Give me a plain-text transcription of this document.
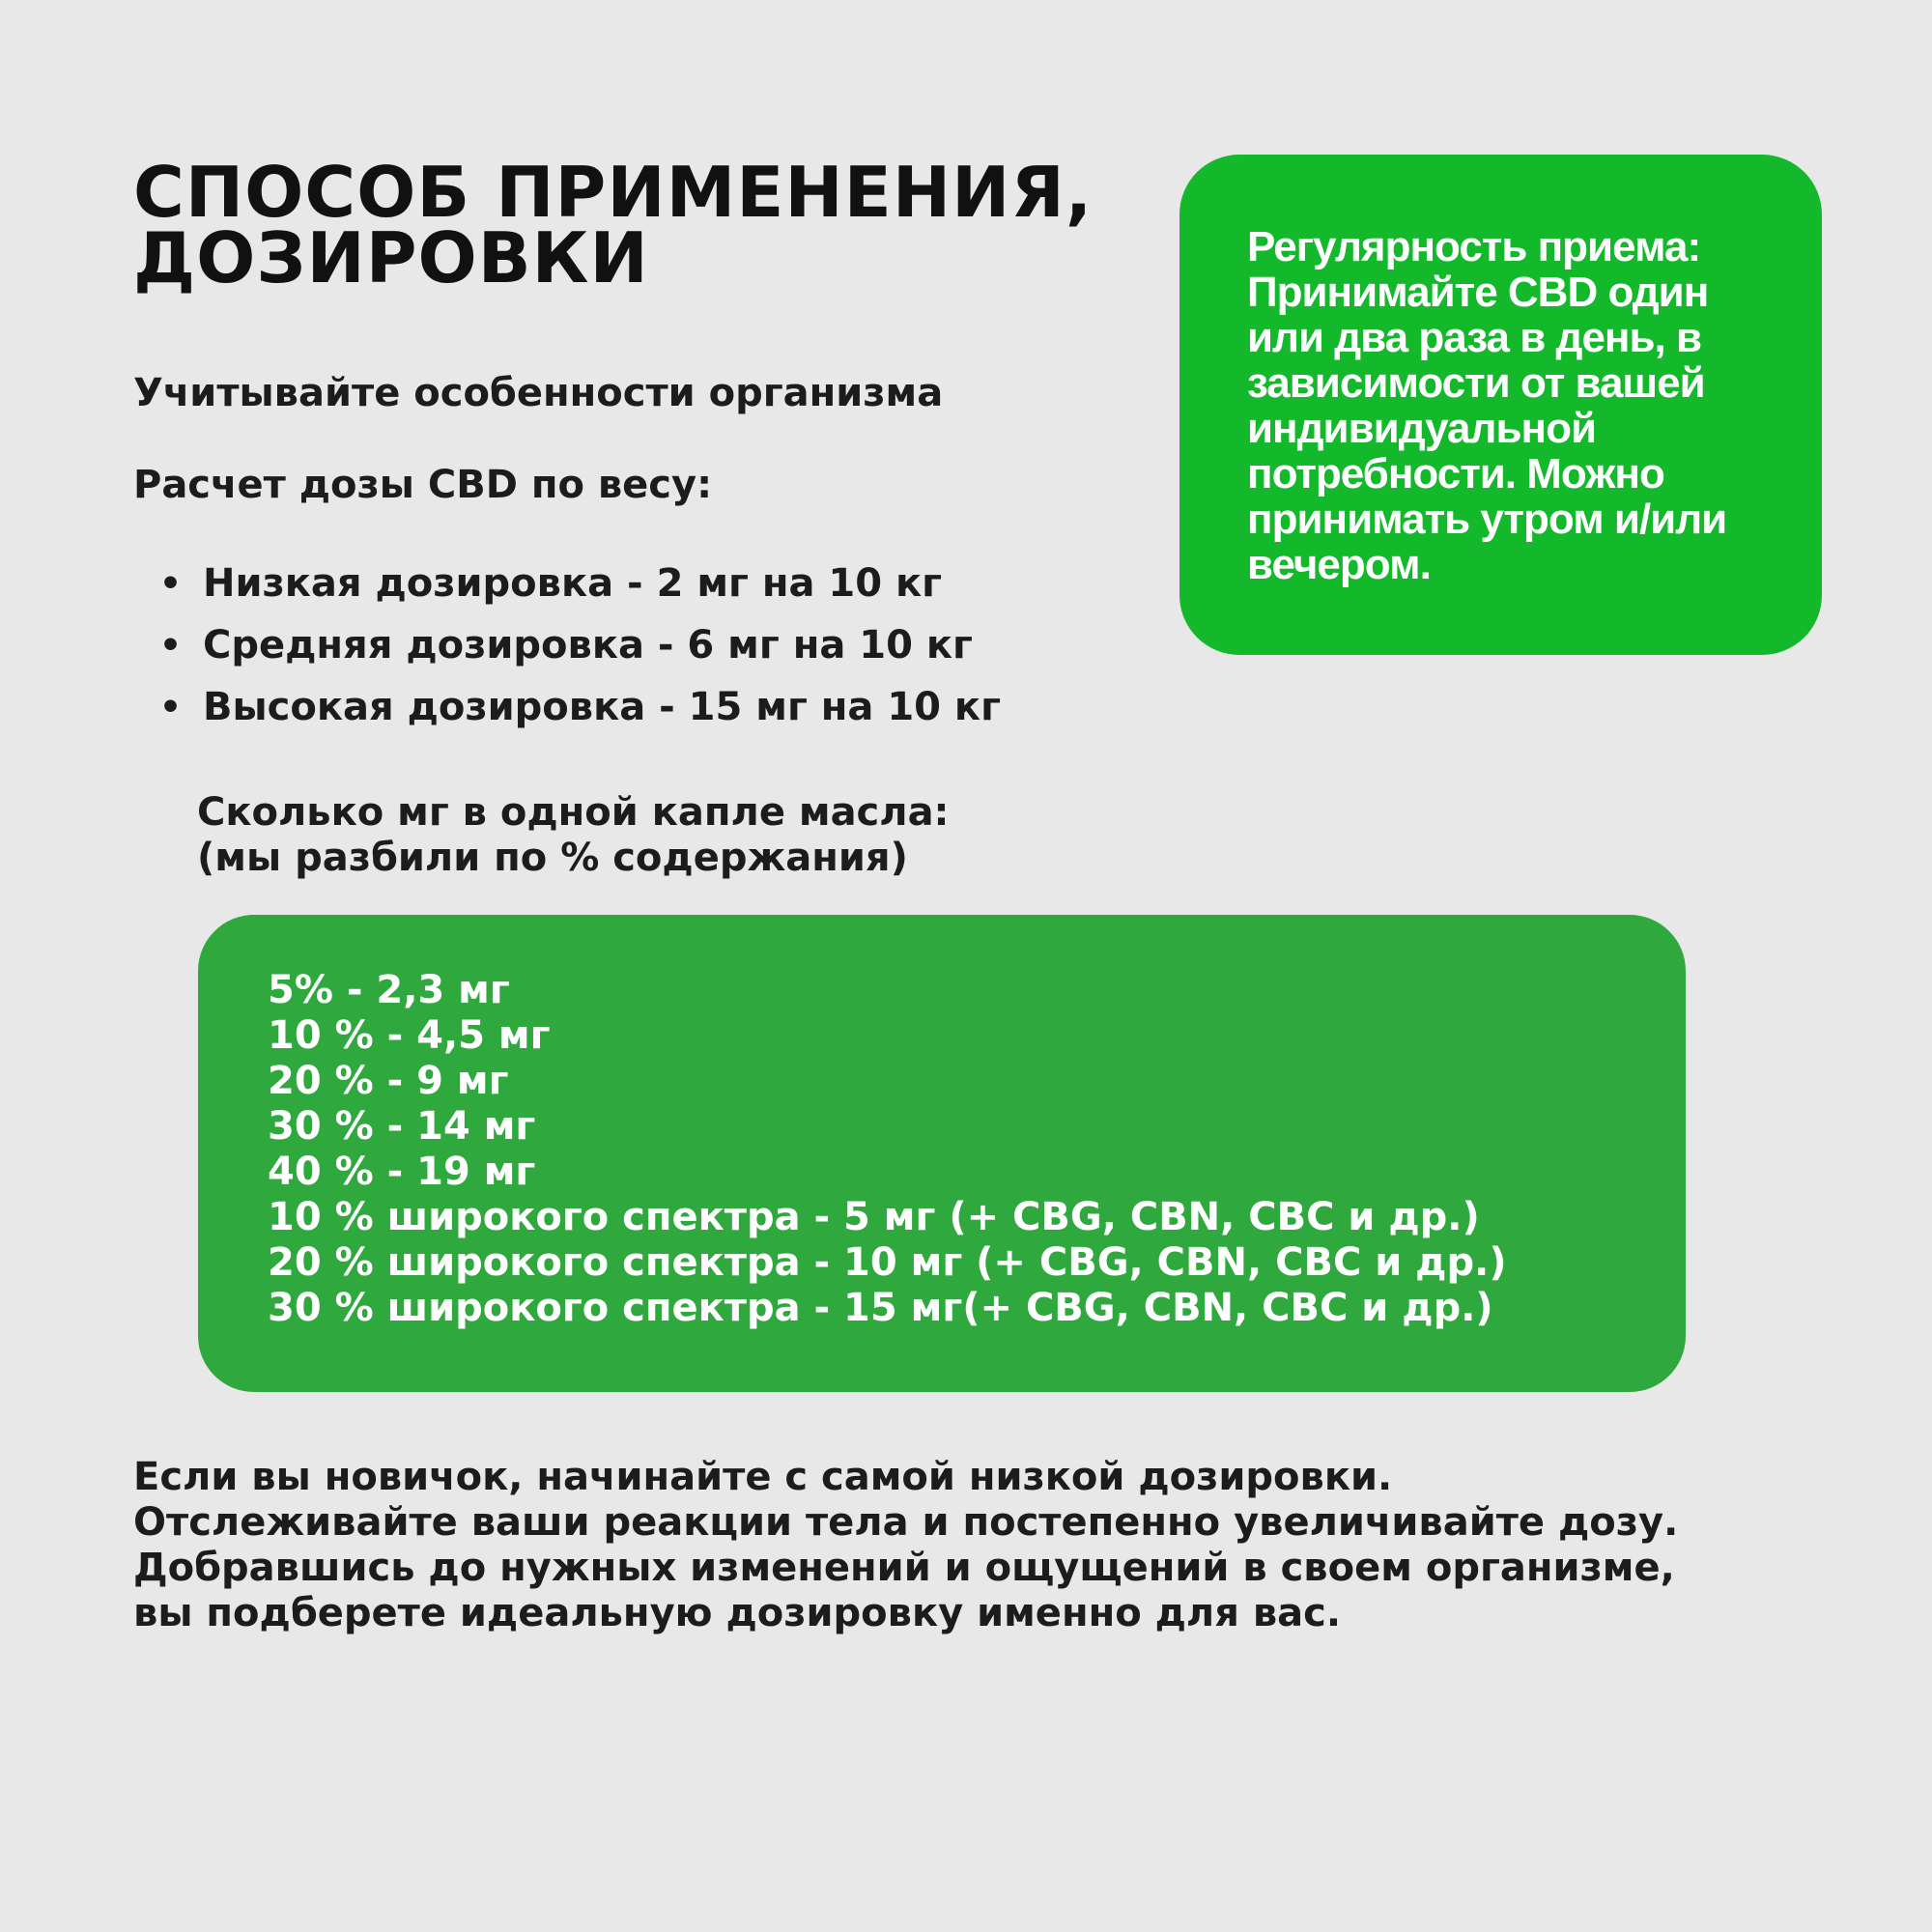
СПОСОБ ПРИМЕНЕНИЯ,
ДОЗИРОВКИ

Учитывайте особенности организма

Расчет дозы CBD по весу:

• Низкая дозировка - 2 мг на 10 кг
• Средняя дозировка - 6 мг на 10 кг
• Высокая дозировка - 15 мг на 10 кг

Сколько мг в одной капле масла:
(мы разбили по % содержания)

Регулярность приема:
Принимайте CBD один
или два раза в день, в
зависимости от вашей
индивидуальной
потребности. Можно
принимать утром и/или
вечером.

5% - 2,3 мг
10 % - 4,5 мг
20 % - 9 мг
30 % - 14 мг
40 % - 19 мг
10 % широкого спектра - 5 мг (+ CBG, CBN, CBC и др.)
20 % широкого спектра - 10 мг (+ CBG, CBN, CBC и др.)
30 % широкого спектра - 15 мг(+ CBG, CBN, CBC и др.)

Если вы новичок, начинайте с самой низкой дозировки.
Отслеживайте ваши реакции тела и постепенно увеличивайте дозу.
Добравшись до нужных изменений и ощущений в своем организме,
вы подберете идеальную дозировку именно для вас.
